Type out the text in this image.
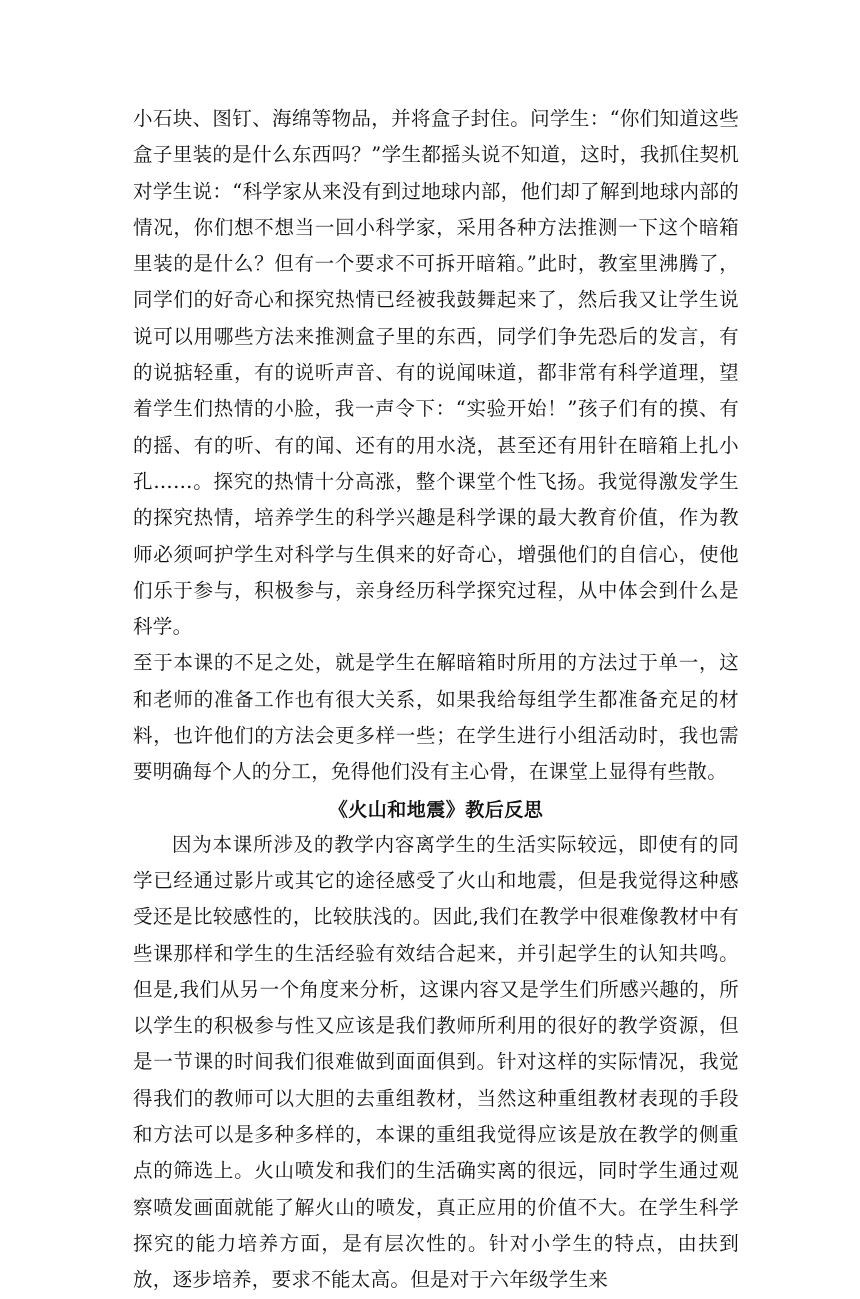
小石块、图钉、海绵等物品，并将盒子封住。问学生：“你们知道这些盒子里装的是什么东西吗？”学生都摇头说不知道，这时，我抓住契机对学生说：“科学家从来没有到过地球内部，他们却了解到地球内部的情况，你们想不想当一回小科学家，采用各种方法推测一下这个暗箱里装的是什么？但有一个要求不可拆开暗箱。”此时，教室里沸腾了，同学们的好奇心和探究热情已经被我鼓舞起来了，然后我又让学生说说可以用哪些方法来推测盒子里的东西，同学们争先恐后的发言，有的说掂轻重，有的说听声音、有的说闻味道，都非常有科学道理，望着学生们热情的小脸，我一声令下：“实验开始！”孩子们有的摸、有的摇、有的听、有的闻、还有的用水浇，甚至还有用针在暗箱上扎小孔……。探究的热情十分高涨，整个课堂个性飞扬。我觉得激发学生的探究热情，培养学生的科学兴趣是科学课的最大教育价值，作为教师必须呵护学生对科学与生俱来的好奇心，增强他们的自信心，使他们乐于参与，积极参与，亲身经历科学探究过程，从中体会到什么是科学。

至于本课的不足之处，就是学生在解暗箱时所用的方法过于单一，这和老师的准备工作也有很大关系，如果我给每组学生都准备充足的材料，也许他们的方法会更多样一些；在学生进行小组活动时，我也需要明确每个人的分工，免得他们没有主心骨，在课堂上显得有些散。

《火山和地震》教后反思

因为本课所涉及的教学内容离学生的生活实际较远，即使有的同学已经通过影片或其它的途径感受了火山和地震，但是我觉得这种感受还是比较感性的，比较肤浅的。因此,我们在教学中很难像教材中有些课那样和学生的生活经验有效结合起来，并引起学生的认知共鸣。但是,我们从另一个角度来分析，这课内容又是学生们所感兴趣的，所以学生的积极参与性又应该是我们教师所利用的很好的教学资源，但是一节课的时间我们很难做到面面俱到。针对这样的实际情况，我觉得我们的教师可以大胆的去重组教材，当然这种重组教材表现的手段和方法可以是多种多样的，本课的重组我觉得应该是放在教学的侧重点的筛选上。火山喷发和我们的生活确实离的很远，同时学生通过观察喷发画面就能了解火山的喷发，真正应用的价值不大。在学生科学探究的能力培养方面，是有层次性的。针对小学生的特点，由扶到放，逐步培养，要求不能太高。但是对于六年级学生来
